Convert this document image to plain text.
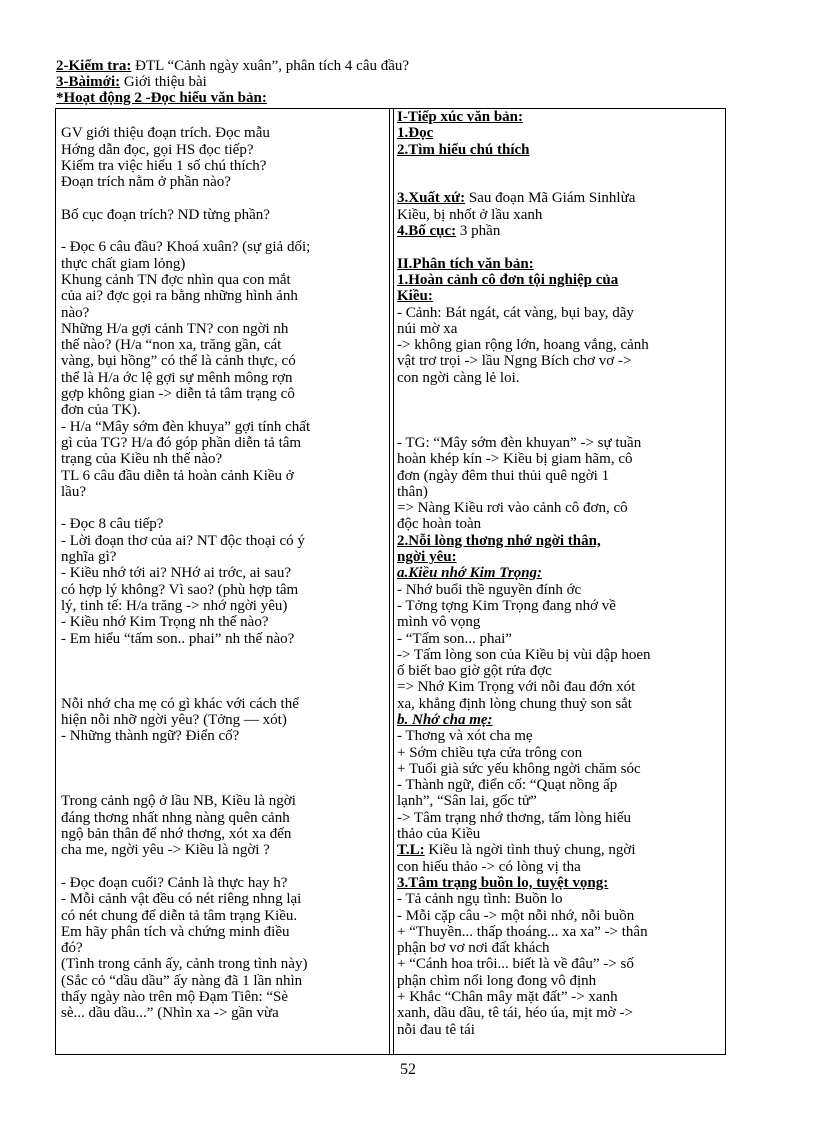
2-Kiểm tra: ĐTL “Cảnh ngày xuân”, phân tích 4 câu đầu?
3-Bàimới: Giới thiệu bài
*Hoạt động 2 -Đọc hiểu văn bản:
GV giới thiệu đoạn trích. Đọc mẫu
Hớng dẫn đọc, gọi HS đọc tiếp?
Kiểm tra việc hiểu 1 số chú thích?
Đoạn trích nằm ở phần nào?
Bố cục đoạn trích? ND từng phần?
- Đọc 6 câu đầu? Khoá xuân? (sự giả dối;
thực chất giam lỏng)
Khung cảnh TN đợc nhìn qua con mắt
của ai? đợc gọi ra bằng những hình ảnh
nào?
Những H/a gợi cảnh TN? con ngời nh
thế nào? (H/a “non xa, trăng gần, cát
vàng, bụi hồng” có thể là cảnh thực, có
thể là H/a ớc lệ gợi sự mênh mông rợn
gợp không gian -> diễn tả tâm trạng cô
đơn của TK).
- H/a “Mây sớm đèn khuya” gợi tính chất
gì của TG? H/a đó góp phần diễn tả tâm
trạng của Kiều nh thế nào?
TL 6 câu đầu diễn tả hoàn cảnh Kiều ở
lầu?
- Đọc 8 câu tiếp?
- Lời đoạn thơ của ai? NT độc thoại có ý
nghĩa gì?
- Kiều nhớ tới ai? NHớ ai trớc, ai sau?
có hợp lý không? Vì sao? (phù hợp tâm
lý, tinh tế: H/a trăng -> nhớ ngời yêu)
- Kiều nhớ Kim Trọng nh thế nào?
- Em hiểu “tấm son.. phai” nh thế nào?
Nỗi nhớ cha mẹ có gì khác với cách thể
hiện nỗi nhỡ ngời yêu? (Tởng — xót)
- Những thành ngữ? Điển cố?
Trong cảnh ngộ ở lầu NB, Kiều là ngời
đáng thơng nhất nhng nàng quên cảnh
ngộ bản thân để nhớ thơng, xót xa đến
cha me, ngời yêu -> Kiều là ngời ?
- Đọc đoạn cuối? Cảnh là thực hay h?
- Mỗi cảnh vật đều có nét riêng nhng lại
có nét chung để diễn tả tâm trạng Kiều.
Em hãy phân tích và chứng minh điều
đó?
(Tình trong cảnh ấy, cảnh trong tình này)
(Sắc cỏ “dầu dầu” ấy nàng đã 1 lần nhìn
thấy ngày nào trên mộ Đạm Tiên: “Sè
sè... dầu dầu...” (Nhìn xa -> gần vừa
I-Tiếp xúc văn bản:
1.Đọc
2.Tìm hiểu chú thích
3.Xuất xứ: Sau đoạn Mã Giám Sinhlừa
Kiều, bị nhốt ở lầu xanh
4.Bố cục: 3 phần
II.Phân tích văn bản:
1.Hoàn cảnh cô đơn tội nghiệp của
Kiều:
- Cảnh: Bát ngát, cát vàng, bụi bay, dãy
núi mờ xa
-> không gian rộng lớn, hoang vắng, cảnh
vật trơ trọi -> lầu Ngng Bích chơ vơ ->
con ngời càng lẻ loi.
- TG: “Mây sớm đèn khuyan” -> sự tuần
hoàn khép kín -> Kiều bị giam hãm, cô
đơn (ngày đêm thui thủi quê ngời 1
thân)
=> Nàng Kiều rơi vào cảnh cô đơn, cô
độc hoàn toàn
2.Nỗi lòng thơng nhớ ngời thân,
ngời yêu:
a.Kiều nhớ Kim Trọng:
- Nhớ buổi thề nguyền đính ớc
- Tởng tợng Kim Trọng đang nhớ về
mình vô vọng
- “Tấm son... phai”
-> Tấm lòng son của Kiều bị vùi dập hoen
ố biết bao giờ gột rửa đợc
=> Nhớ Kim Trọng với nỗi đau đớn xót
xa, khẳng định lòng chung thuỷ son sắt
b. Nhớ cha mẹ:
- Thơng và xót cha mẹ
+ Sớm chiều tựa cửa trông con
+ Tuổi già sức yếu không ngời chăm sóc
- Thành ngữ, điển cố: “Quạt nồng ấp
lạnh”, “Sân lai, gốc tử”
-> Tâm trạng nhớ thơng, tấm lòng hiếu
thảo của Kiều
T.L: Kiều là ngời tình thuỷ chung, ngời
con hiếu thảo -> có lòng vị tha
3.Tâm trạng buồn lo, tuyệt vọng:
- Tả cảnh ngụ tình: Buồn lo
- Mỗi cặp câu -> một nỗi nhớ, nỗi buồn
+ “Thuyền... thấp thoáng... xa xa” -> thân
phận bơ vơ nơi đất khách
+ “Cánh hoa trôi... biết là về đâu” -> số
phận chìm nổi long đong vô định
+ Khắc “Chân mây mặt đất” -> xanh
xanh, dầu dầu, tê tái, héo úa, mịt mờ ->
nỗi đau tê tái
52
